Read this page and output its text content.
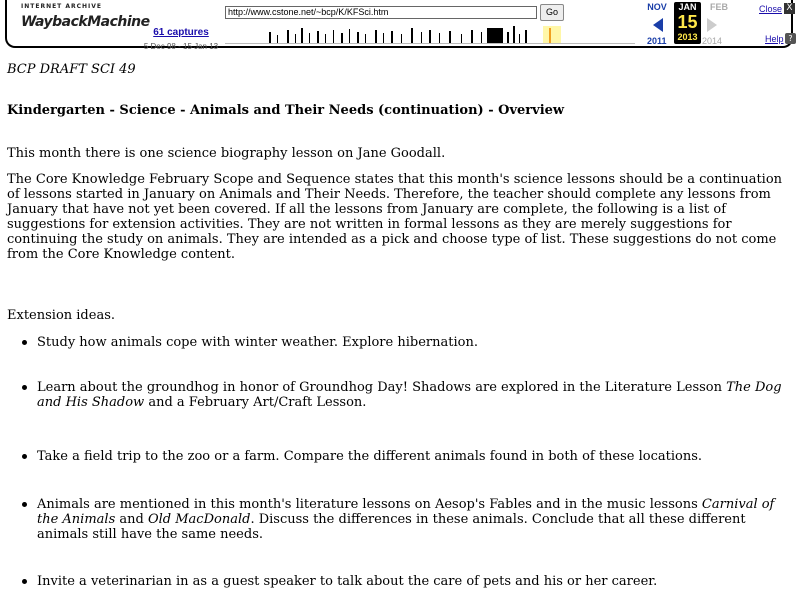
INTERNET ARCHIVE
WaybackMachine
61 captures
5 Dec 98 - 15 Jan 13
http://www.cstone.net/~bcp/K/KFSci.htm	Go	NOV	JAN
15
2013
FEB
2011	2014
Close X
Help ?

BCP DRAFT SCI 49

Kindergarten - Science - Animals and Their Needs (continuation) - Overview

This month there is one science biography lesson on Jane Goodall.

The Core Knowledge February Scope and Sequence states that this month's science lessons should be a continuation of lessons started in January on Animals and Their Needs. Therefore, the teacher should complete any lessons from January that have not yet been covered. If all the lessons from January are complete, the following is a list of suggestions for extension activities. They are not written in formal lessons as they are merely suggestions for continuing the study on animals. They are intended as a pick and choose type of list. These suggestions do not come from the Core Knowledge content.

Extension ideas.

Study how animals cope with winter weather. Explore hibernation.
Learn about the groundhog in honor of Groundhog Day! Shadows are explored in the Literature Lesson The Dog and His Shadow and a February Art/Craft Lesson.
Take a field trip to the zoo or a farm. Compare the different animals found in both of these locations.
Animals are mentioned in this month's literature lessons on Aesop's Fables and in the music lessons Carnival of the Animals and Old MacDonald. Discuss the differences in these animals. Conclude that all these different animals still have the same needs.
Invite a veterinarian in as a guest speaker to talk about the care of pets and his or her career.
